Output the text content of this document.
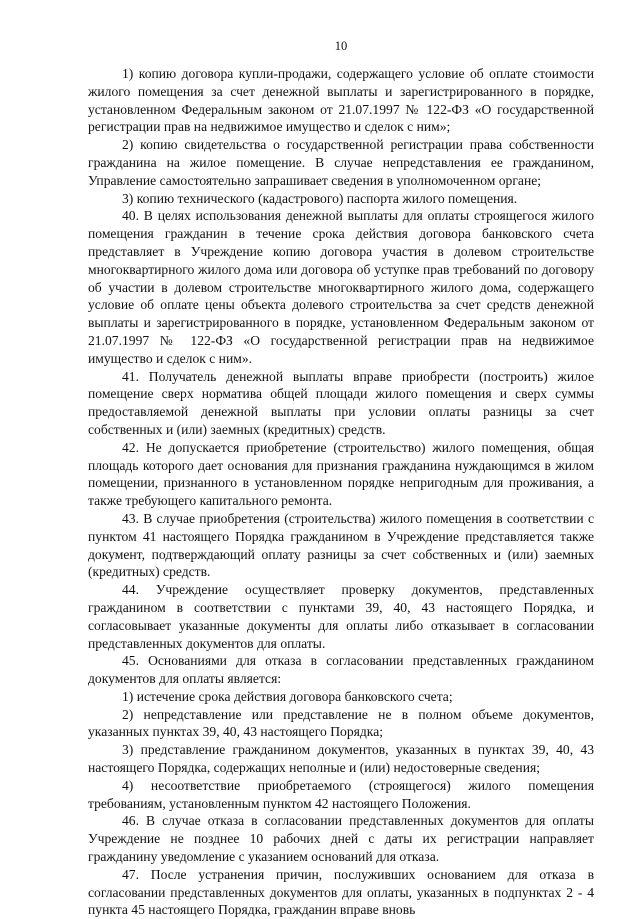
10

1) копию договора купли-продажи, содержащего условие об оплате стоимости жилого помещения за счет денежной выплаты и зарегистрированного в порядке, установленном Федеральным законом от 21.07.1997 № 122-ФЗ «О государственной регистрации прав на недвижимое имущество и сделок с ним»;

2) копию свидетельства о государственной регистрации права собственности гражданина на жилое помещение. В случае непредставления ее гражданином, Управление самостоятельно запрашивает сведения в уполномоченном органе;

3) копию технического (кадастрового) паспорта жилого помещения.

40. В целях использования денежной выплаты для оплаты строящегося жилого помещения гражданин в течение срока действия договора банковского счета представляет в Учреждение копию договора участия в долевом строительстве многоквартирного жилого дома или договора об уступке прав требований по договору об участии в долевом строительстве многоквартирного жилого дома, содержащего условие об оплате цены объекта долевого строительства за счет средств денежной выплаты и зарегистрированного в порядке, установленном Федеральным законом от 21.07.1997 № 122-ФЗ «О государственной регистрации прав на недвижимое имущество и сделок с ним».

41. Получатель денежной выплаты вправе приобрести (построить) жилое помещение сверх норматива общей площади жилого помещения и сверх суммы предоставляемой денежной выплаты при условии оплаты разницы за счет собственных и (или) заемных (кредитных) средств.

42. Не допускается приобретение (строительство) жилого помещения, общая площадь которого дает основания для признания гражданина нуждающимся в жилом помещении, признанного в установленном порядке непригодным для проживания, а также требующего капитального ремонта.

43. В случае приобретения (строительства) жилого помещения в соответствии с пунктом 41 настоящего Порядка гражданином в Учреждение представляется также документ, подтверждающий оплату разницы за счет собственных и (или) заемных (кредитных) средств.

44. Учреждение осуществляет проверку документов, представленных гражданином в соответствии с пунктами 39, 40, 43 настоящего Порядка, и согласовывает указанные документы для оплаты либо отказывает в согласовании представленных документов для оплаты.

45. Основаниями для отказа в согласовании представленных гражданином документов для оплаты является:

1) истечение срока действия договора банковского счета;

2) непредставление или представление не в полном объеме документов, указанных пунктах 39, 40, 43 настоящего Порядка;

3) представление гражданином документов, указанных в пунктах 39, 40, 43 настоящего Порядка, содержащих неполные и (или) недостоверные сведения;

4) несоответствие приобретаемого (строящегося) жилого помещения требованиям, установленным пунктом 42 настоящего Положения.

46. В случае отказа в согласовании представленных документов для оплаты Учреждение не позднее 10 рабочих дней с даты их регистрации направляет гражданину уведомление с указанием оснований для отказа.

47. После устранения причин, послуживших основанием для отказа в согласовании представленных документов для оплаты, указанных в подпунктах 2 - 4 пункта 45 настоящего Порядка, гражданин вправе вновь
